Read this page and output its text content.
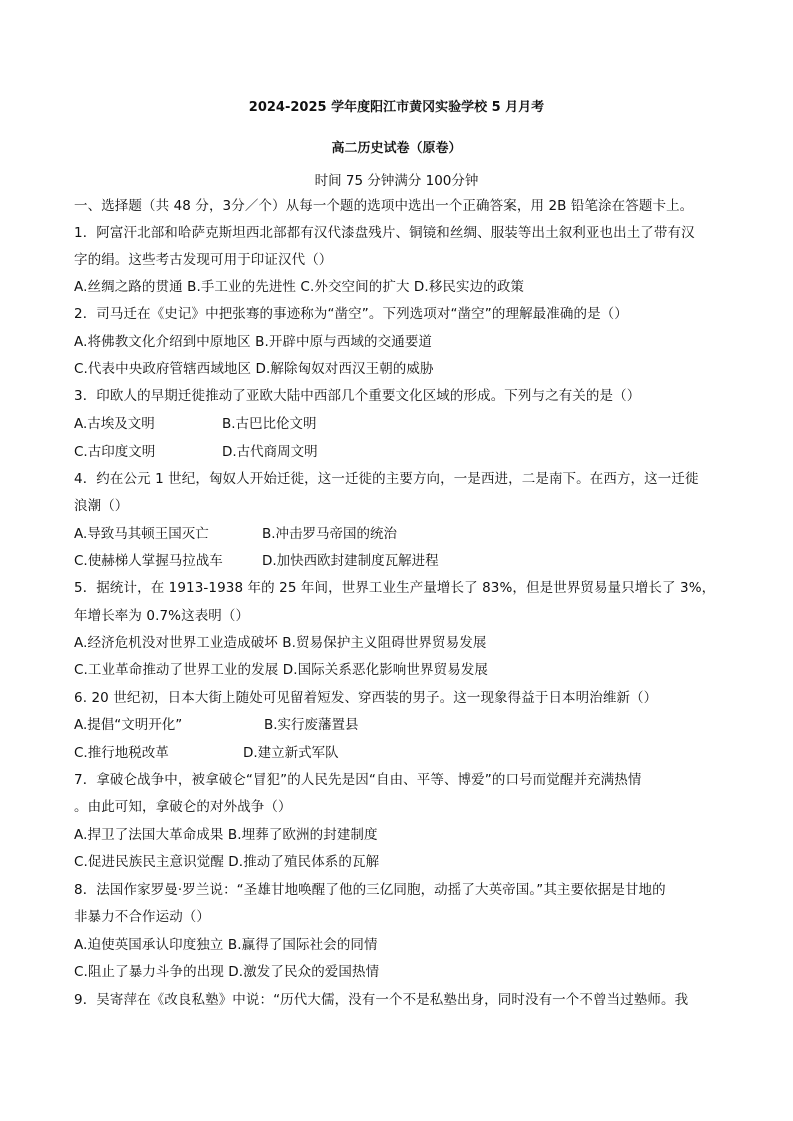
2024-2025 学年度阳江市黄冈实验学校 5 月月考
高二历史试卷（原卷）
时间 75 分钟满分 100分钟
一、选择题（共 48 分，3分／个）从每一个题的选项中选出一个正确答案，用 2B 铅笔涂在答题卡上。
1．阿富汗北部和哈萨克斯坦西北部都有汉代漆盘残片、铜镜和丝绸、服装等出土叙利亚也出土了带有汉
字的绢。这些考古发现可用于印证汉代（）
A.丝绸之路的贯通 B.手工业的先进性 C.外交空间的扩大 D.移民实边的政策
2．司马迁在《史记》中把张骞的事迹称为“凿空”。下列选项对“凿空”的理解最准确的是（）
A.将佛教文化介绍到中原地区 B.开辟中原与西域的交通要道
C.代表中央政府管辖西域地区 D.解除匈奴对西汉王朝的威胁
3．印欧人的早期迁徙推动了亚欧大陆中西部几个重要文化区域的形成。下列与之有关的是（）
A.古埃及文明	B.古巴比伦文明
C.古印度文明	D.古代商周文明
4．约在公元 1 世纪，匈奴人开始迁徙，这一迁徙的主要方向，一是西进，二是南下。在西方，这一迁徙
浪潮（）
A.导致马其顿王国灭亡	B.冲击罗马帝国的统治
C.使赫梯人掌握马拉战车	D.加快西欧封建制度瓦解进程
5．据统计，在 1913-1938 年的 25 年间，世界工业生产量增长了 83%，但是世界贸易量只增长了 3%，
年增长率为 0.7%这表明（）
A.经济危机没对世界工业造成破坏 B.贸易保护主义阻碍世界贸易发展
C.工业革命推动了世界工业的发展 D.国际关系恶化影响世界贸易发展
6. 20 世纪初，日本大街上随处可见留着短发、穿西装的男子。这一现象得益于日本明治维新（）
A.提倡“文明开化”	B.实行废藩置县
C.推行地税改革	D.建立新式军队
7．拿破仑战争中，被拿破仑“冒犯”的人民先是因“自由、平等、博爱”的口号而觉醒并充满热情
。由此可知，拿破仑的对外战争（）
A.捍卫了法国大革命成果 B.埋葬了欧洲的封建制度
C.促进民族民主意识觉醒 D.推动了殖民体系的瓦解
8．法国作家罗曼·罗兰说：“圣雄甘地唤醒了他的三亿同胞，动摇了大英帝国。”其主要依据是甘地的
非暴力不合作运动（）
A.迫使英国承认印度独立 B.赢得了国际社会的同情
C.阻止了暴力斗争的出现 D.激发了民众的爱国热情
9．吴寄萍在《改良私塾》中说：“历代大儒，没有一个不是私塾出身，同时没有一个不曾当过塾师。我
